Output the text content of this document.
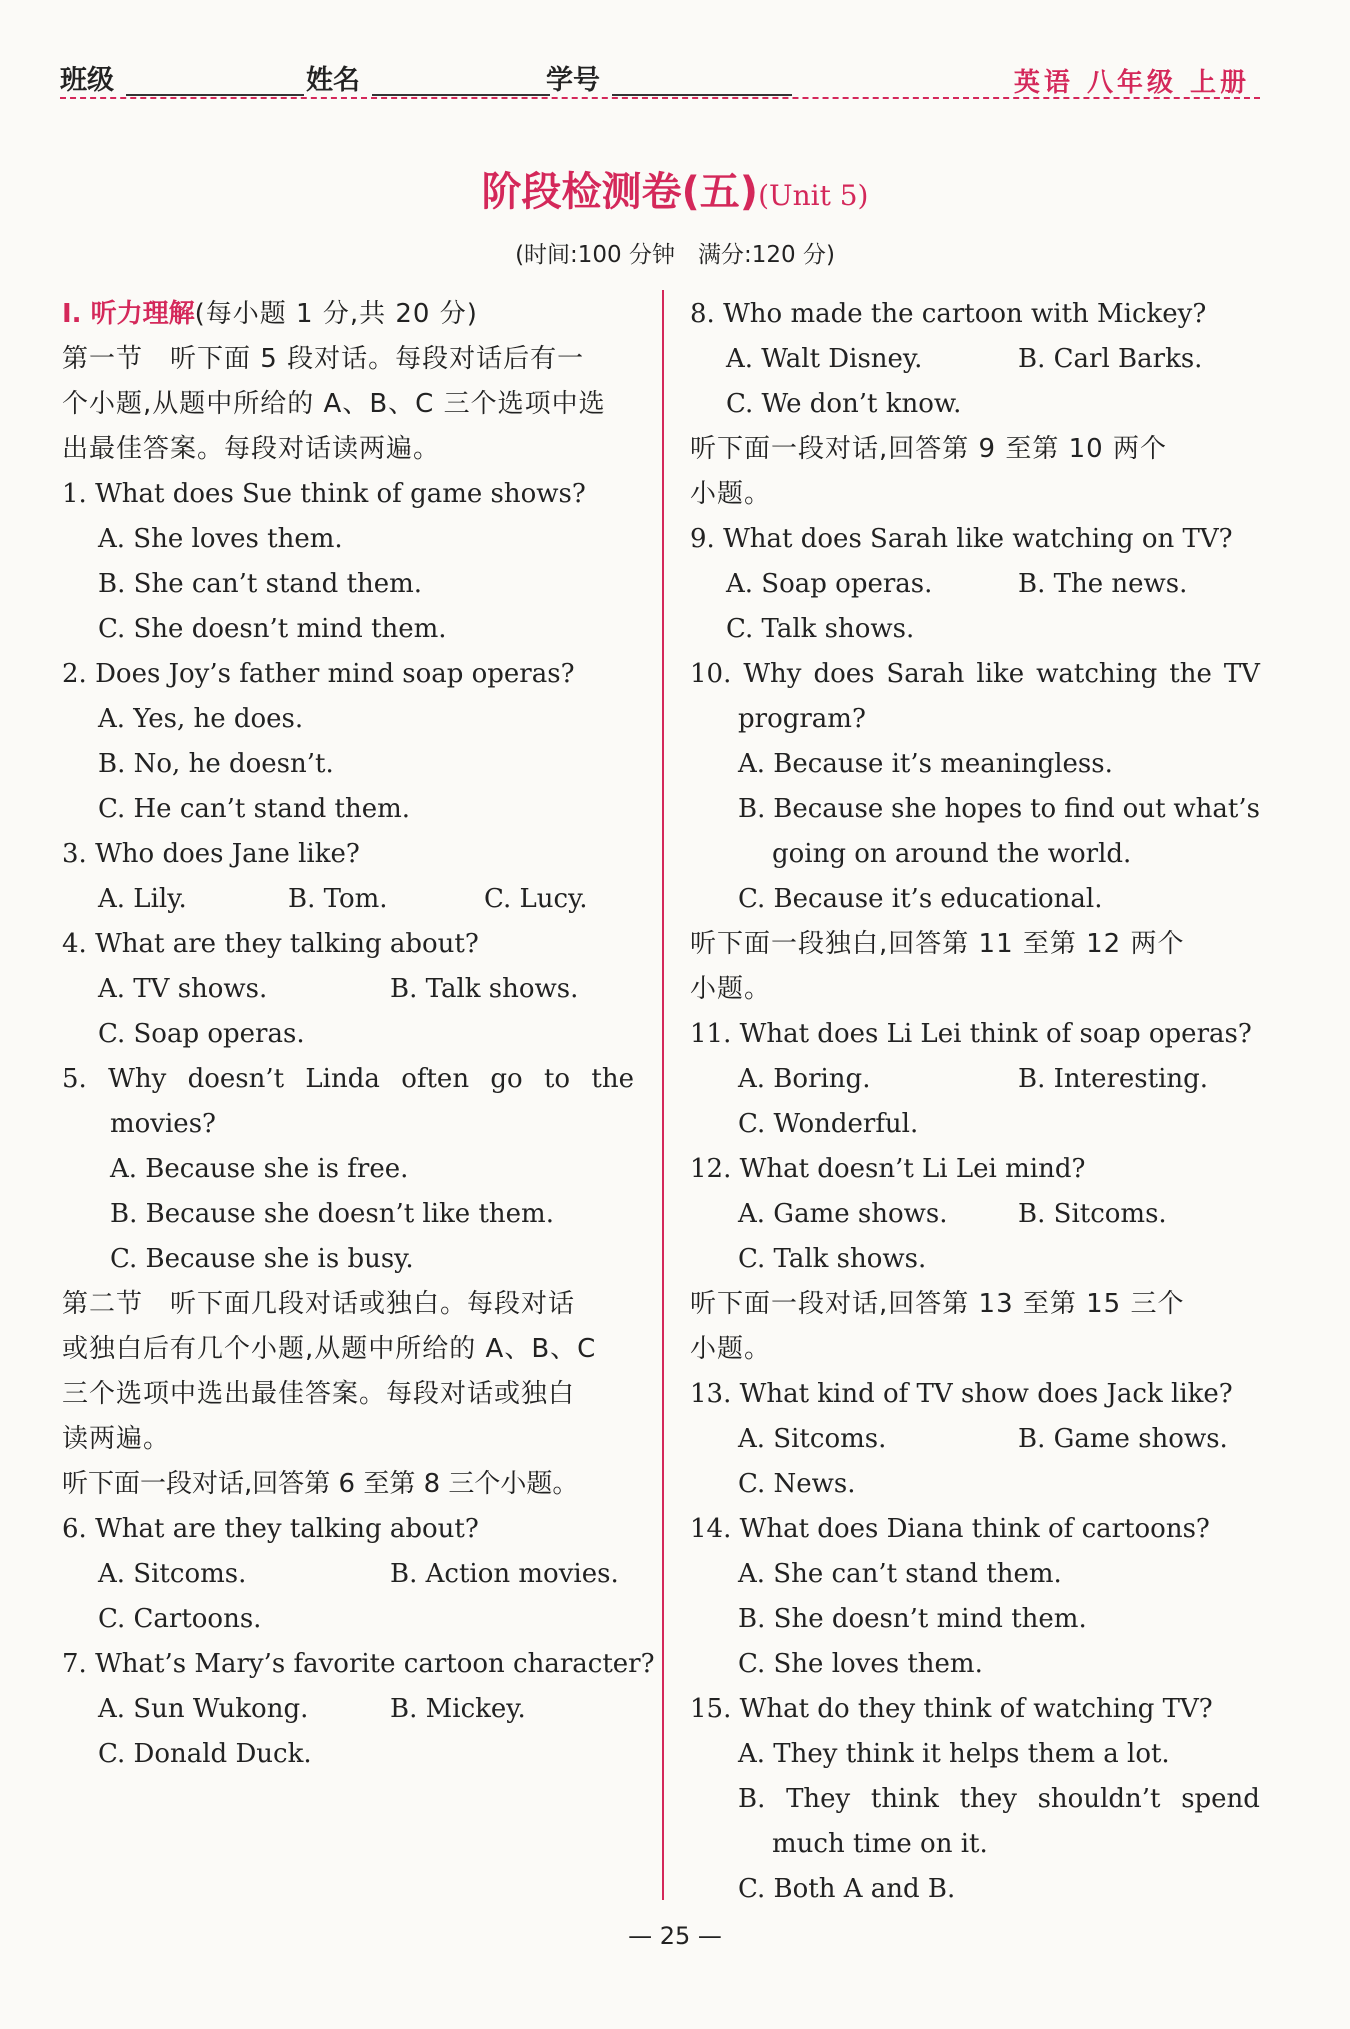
班级	姓名	学号	英语 八年级 上册
阶段检测卷(五)(Unit 5)
(时间:100 分钟　满分:120 分)
Ⅰ. 听力理解(每小题 1 分,共 20 分)
第一节　听下面 5 段对话。每段对话后有一
个小题,从题中所给的 A、B、C 三个选项中选
出最佳答案。每段对话读两遍。
1. What does Sue think of game shows?
A. She loves them.
B. She can’t stand them.
C. She doesn’t mind them.
2. Does Joy’s father mind soap operas?
A. Yes, he does.
B. No, he doesn’t.
C. He can’t stand them.
3. Who does Jane like?
A. Lily.	B. Tom.	C. Lucy.
4. What are they talking about?
A. TV shows.	B. Talk shows.
C. Soap operas.
5. Why doesn’t Linda often go to the
movies?
A. Because she is free.
B. Because she doesn’t like them.
C. Because she is busy.
第二节　听下面几段对话或独白。每段对话
或独白后有几个小题,从题中所给的 A、B、C
三个选项中选出最佳答案。每段对话或独白
读两遍。
听下面一段对话,回答第 6 至第 8 三个小题。
6. What are they talking about?
A. Sitcoms.	B. Action movies.
C. Cartoons.
7. What’s Mary’s favorite cartoon character?
A. Sun Wukong.	B. Mickey.
C. Donald Duck.
8. Who made the cartoon with Mickey?
A. Walt Disney.	B. Carl Barks.
C. We don’t know.
听下面一段对话,回答第 9 至第 10 两个
小题。
9. What does Sarah like watching on TV?
A. Soap operas.	B. The news.
C. Talk shows.
10. Why does Sarah like watching the TV
program?
A. Because it’s meaningless.
B. Because she hopes to find out what’s
going on around the world.
C. Because it’s educational.
听下面一段独白,回答第 11 至第 12 两个
小题。
11. What does Li Lei think of soap operas?
A. Boring.	B. Interesting.
C. Wonderful.
12. What doesn’t Li Lei mind?
A. Game shows.	B. Sitcoms.
C. Talk shows.
听下面一段对话,回答第 13 至第 15 三个
小题。
13. What kind of TV show does Jack like?
A. Sitcoms.	B. Game shows.
C. News.
14. What does Diana think of cartoons?
A. She can’t stand them.
B. She doesn’t mind them.
C. She loves them.
15. What do they think of watching TV?
A. They think it helps them a lot.
B. They think they shouldn’t spend
much time on it.
C. Both A and B.
— 25 —
